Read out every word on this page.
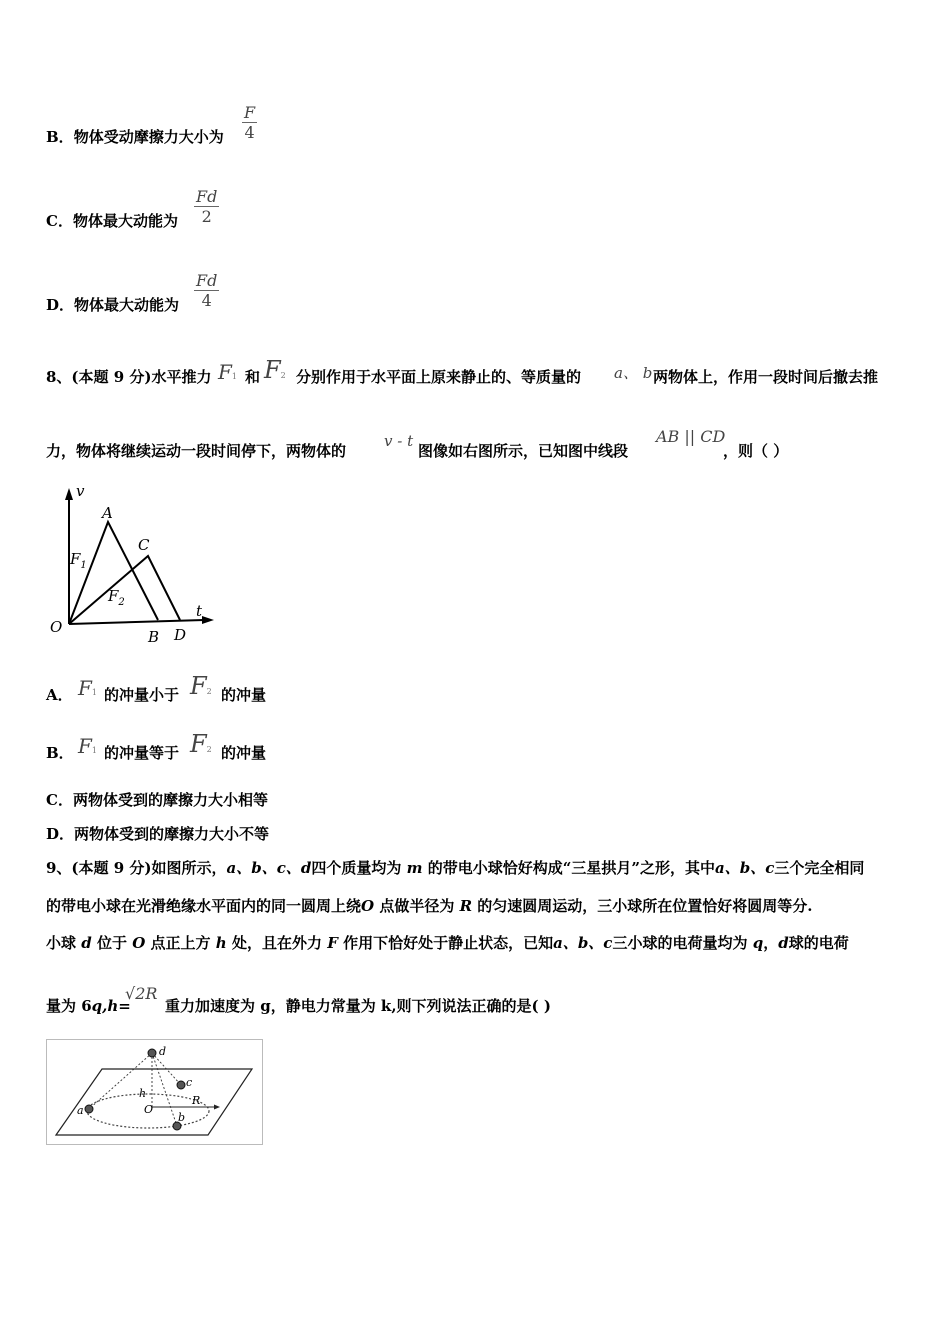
B．物体受动摩擦力大小为 $\frac{F}{4}$
C．物体最大动能为 $\frac{Fd}{2}$
D．物体最大动能为 $\frac{Fd}{4}$
8、(本题 9 分)水平推力 F1 和 F2 分别作用于水平面上原来静止的、等质量的 a、 b 两物体上，作用一段时间后撤去推
力，物体将继续运动一段时间停下，两物体的
v - t
图像如右图所示，已知图中线段
AB || CD
，则（ ）
v
A
C
$F_1$
$F_2$
O
B D
t
A． F1 的冲量小于 F2 的冲量
B． F1 的冲量等于 F2 的冲量
C．两物体受到的摩擦力大小相等
D．两物体受到的摩擦力大小不等
9、(本题 9 分)如图所示，a、b、c、d四个质量均为 m 的带电小球恰好构成“三星拱月”之形，其中a、b、c三个完全相同
的带电小球在光滑绝缘水平面内的同一圆周上绕O 点做半径为 R 的匀速圆周运动，三小球所在位置恰好将圆周等分.
小球 d 位于 O 点正上方 h 处，且在外力 F 作用下恰好处于静止状态，已知a、b、c三小球的电荷量均为 q，d球的电荷
量为 6q,h=
√2R
重力加速度为 g，静电力常量为 k,则下列说法正确的是( )
d
c
a
b
h
O
R
